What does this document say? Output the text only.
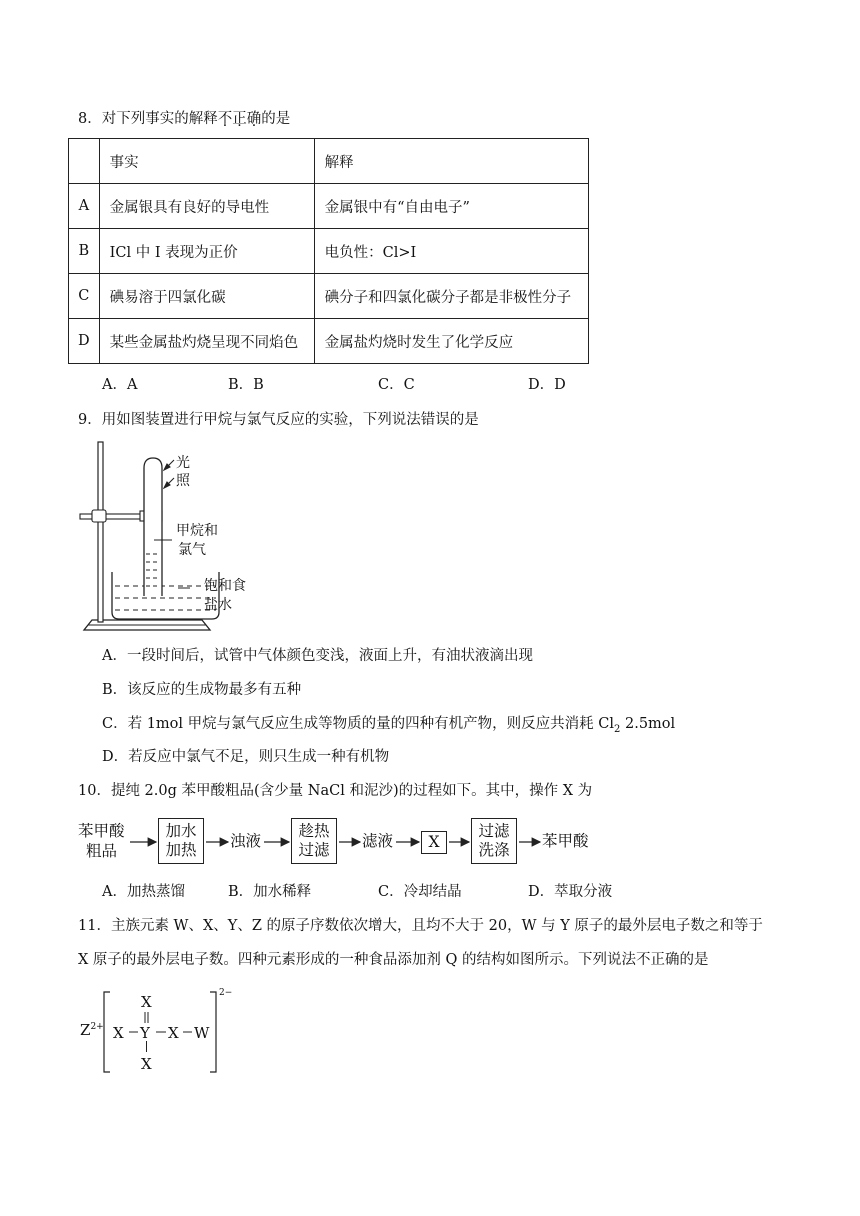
8．对下列事实的解释不正确的是
	事实	解释
A	金属银具有良好的导电性	金属银中有“自由电子”
B	ICl 中 I 表现为正价	电负性：Cl>I
C	碘易溶于四氯化碳	碘分子和四氯化碳分子都是非极性分子
D	某些金属盐灼烧呈现不同焰色	金属盐灼烧时发生了化学反应
A．A	B．B	C．C	D．D
9．用如图装置进行甲烷与氯气反应的实验，下列说法错误的是
光
照
甲烷和
氯气
饱和食
盐水
A．一段时间后，试管中气体颜色变浅，液面上升，有油状液滴出现
B．该反应的生成物最多有五种
C．若 1mol 甲烷与氯气反应生成等物质的量的四种有机产物，则反应共消耗 $Cl_2$ 2.5mol
D．若反应中氯气不足，则只生成一种有机物
10．提纯 2.0g 苯甲酸粗品(含少量 NaCl 和泥沙)的过程如下。其中，操作 X 为
苯甲酸
粗品
加水
加热	浊液
趁热
过滤	滤液	X
过滤
洗涤	苯甲酸
A．加热蒸馏	B．加水稀释	C．冷却结晶	D．萃取分液
11．主族元素 W、X、Y、Z 的原子序数依次增大，且均不大于 20，W 与 Y 原子的最外层电子数之和等于
X 原子的最外层电子数。四种元素形成的一种食品添加剂 Q 的结构如图所示。下列说法不正确的是
$Z^{2+}$
2−
X
X Y X W
X
